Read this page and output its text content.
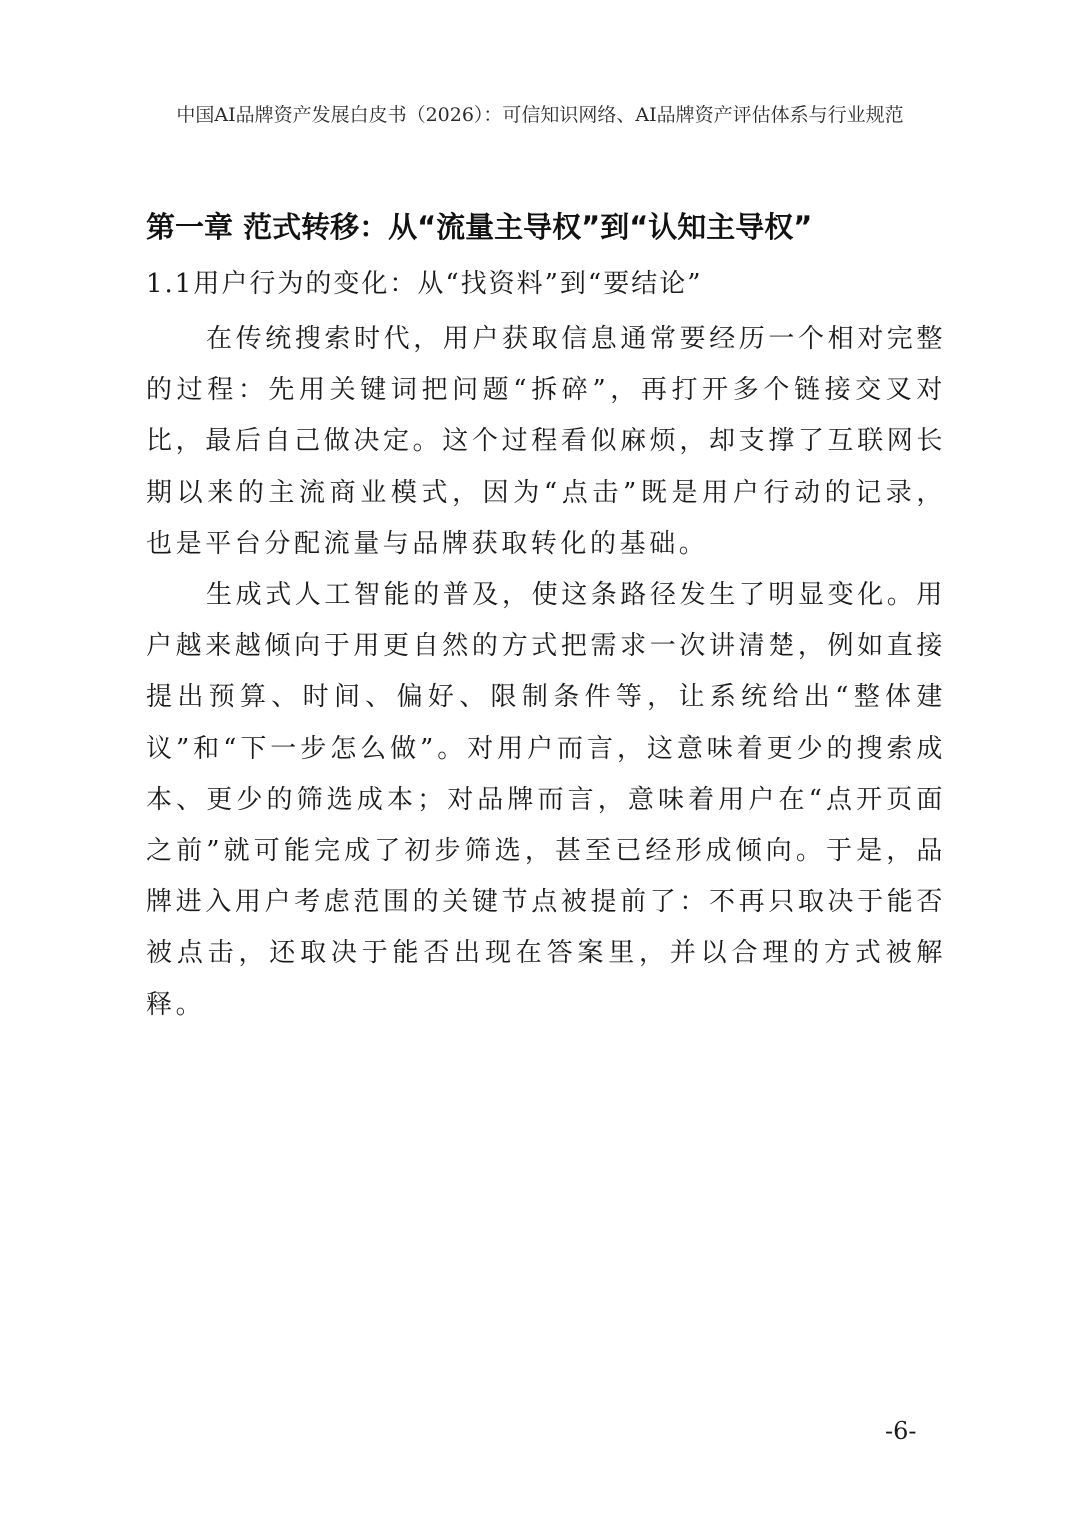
中国AI品牌资产发展白皮书（2026）：可信知识网络、AI品牌资产评估体系与行业规范
第一章 范式转移：从“流量主导权”到“认知主导权”
1.1用户行为的变化：从“找资料”到“要结论”

在传统搜索时代，用户获取信息通常要经历一个相对完整的过程：先用关键词把问题“拆碎”，再打开多个链接交叉对比，最后自己做决定。这个过程看似麻烦，却支撑了互联网长期以来的主流商业模式，因为“点击”既是用户行动的记录，也是平台分配流量与品牌获取转化的基础。

生成式人工智能的普及，使这条路径发生了明显变化。用户越来越倾向于用更自然的方式把需求一次讲清楚，例如直接提出预算、时间、偏好、限制条件等，让系统给出“整体建议”和“下一步怎么做”。对用户而言，这意味着更少的搜索成本、更少的筛选成本；对品牌而言，意味着用户在“点开页面之前”就可能完成了初步筛选，甚至已经形成倾向。于是，品牌进入用户考虑范围的关键节点被提前了：不再只取决于能否被点击，还取决于能否出现在答案里，并以合理的方式被解释。

-6-
